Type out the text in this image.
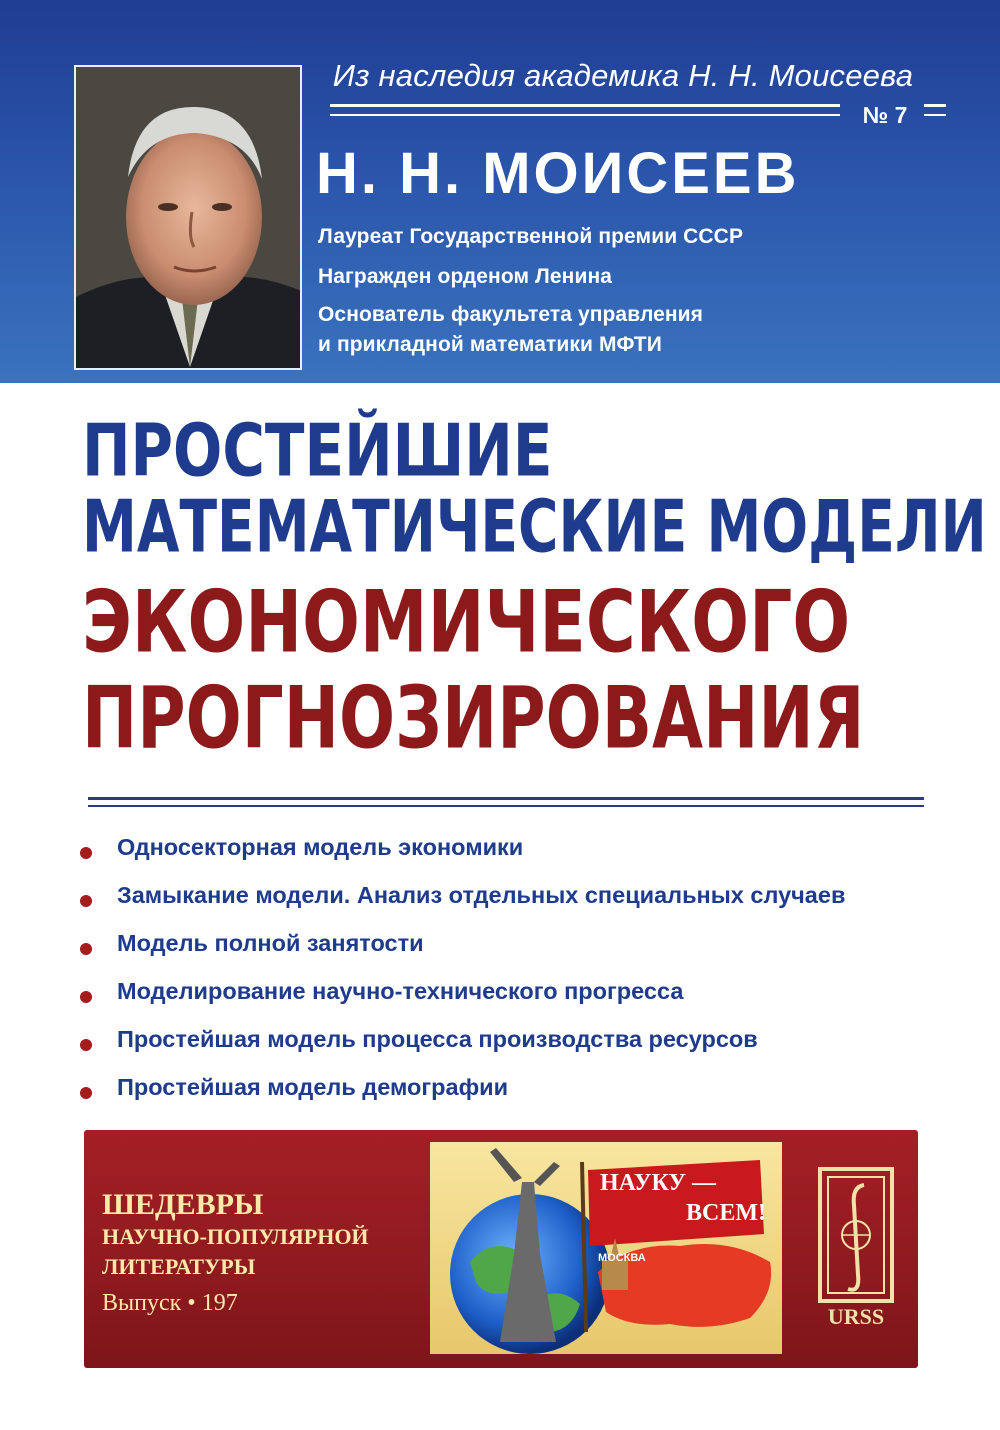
Из наследия академика Н. Н. Моисеева
№ 7
Н. Н. МОИСЕЕВ
Лауреат Государственной премии СССР
Награжден орденом Ленина
Основатель факультета управления
и прикладной математики МФТИ
ПРОСТЕЙШИЕ
МАТЕМАТИЧЕСКИЕ МОДЕЛИ
ЭКОНОМИЧЕСКОГО
ПРОГНОЗИРОВАНИЯ
Односекторная модель экономики
Замыкание модели. Анализ отдельных специальных случаев
Модель полной занятости
Моделирование научно-технического прогресса
Простейшая модель процесса производства ресурсов
Простейшая модель демографии
ШЕДЕВРЫ
НАУЧНО-ПОПУЛЯРНОЙ
ЛИТЕРАТУРЫ
Выпуск • 197
НАУКУ —
ВСЕМ!
МОСКВА
URSS
